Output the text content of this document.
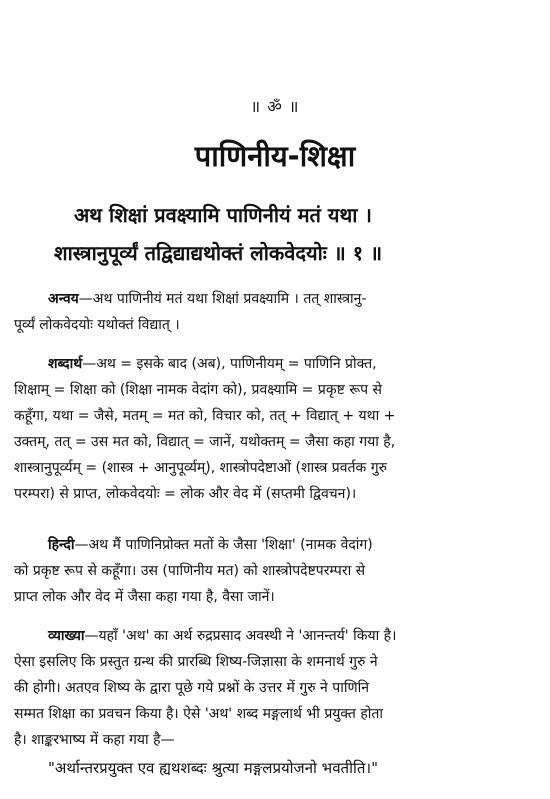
॥ ॐ ॥
पाणिनीय-शिक्षा
अथ शिक्षां प्रवक्ष्यामि पाणिनीयं मतं यथा ।
शास्त्रानुपूर्व्यं तद्विद्याद्यथोक्तं लोकवेदयोः ॥ १ ॥
अन्वय—अथ पाणिनीयं मतं यथा शिक्षां प्रवक्ष्यामि । तत् शास्त्रानु-
पूर्व्यं लोकवेदयोः यथोक्तं विद्यात् ।
शब्दार्थ—अथ = इसके बाद (अब), पाणिनीयम् = पाणिनि प्रोक्त,
शिक्षाम् = शिक्षा को (शिक्षा नामक वेदांग को), प्रवक्ष्यामि = प्रकृष्ट रूप से
कहूँगा, यथा = जैसे, मतम् = मत को, विचार को, तत् + विद्यात् + यथा +
उक्तम्, तत् = उस मत को, विद्यात् = जानें, यथोक्तम् = जैसा कहा गया है,
शास्त्रानुपूर्व्यम् = (शास्त्र + आनुपूर्व्यम्), शास्त्रोपदेष्टाओं (शास्त्र प्रवर्तक गुरु
परम्परा) से प्राप्त, लोकवेदयोः = लोक और वेद में (सप्तमी द्विवचन)।
हिन्दी—अथ मैं पाणिनिप्रोक्त मतों के जैसा 'शिक्षा' (नामक वेदांग)
को प्रकृष्ट रूप से कहूँगा। उस (पाणिनीय मत) को शास्त्रोपदेष्टपरम्परा से
प्राप्त लोक और वेद में जैसा कहा गया है, वैसा जानें।
व्याख्या—यहाँ 'अथ' का अर्थ रुद्रप्रसाद अवस्थी ने 'आनन्तर्य' किया है।
ऐसा इसलिए कि प्रस्तुत ग्रन्थ की प्रारब्धि शिष्य-जिज्ञासा के शमनार्थ गुरु ने
की होगी। अतएव शिष्य के द्वारा पूछे गये प्रश्नों के उत्तर में गुरु ने पाणिनि
सम्मत शिक्षा का प्रवचन किया है। ऐसे 'अथ' शब्द मङ्गलार्थ भी प्रयुक्त होता
है। शाङ्करभाष्य में कहा गया है—
"अर्थान्तरप्रयुक्त एव ह्यथशब्दः श्रुत्या मङ्गलप्रयोजनो भवतीति।"
